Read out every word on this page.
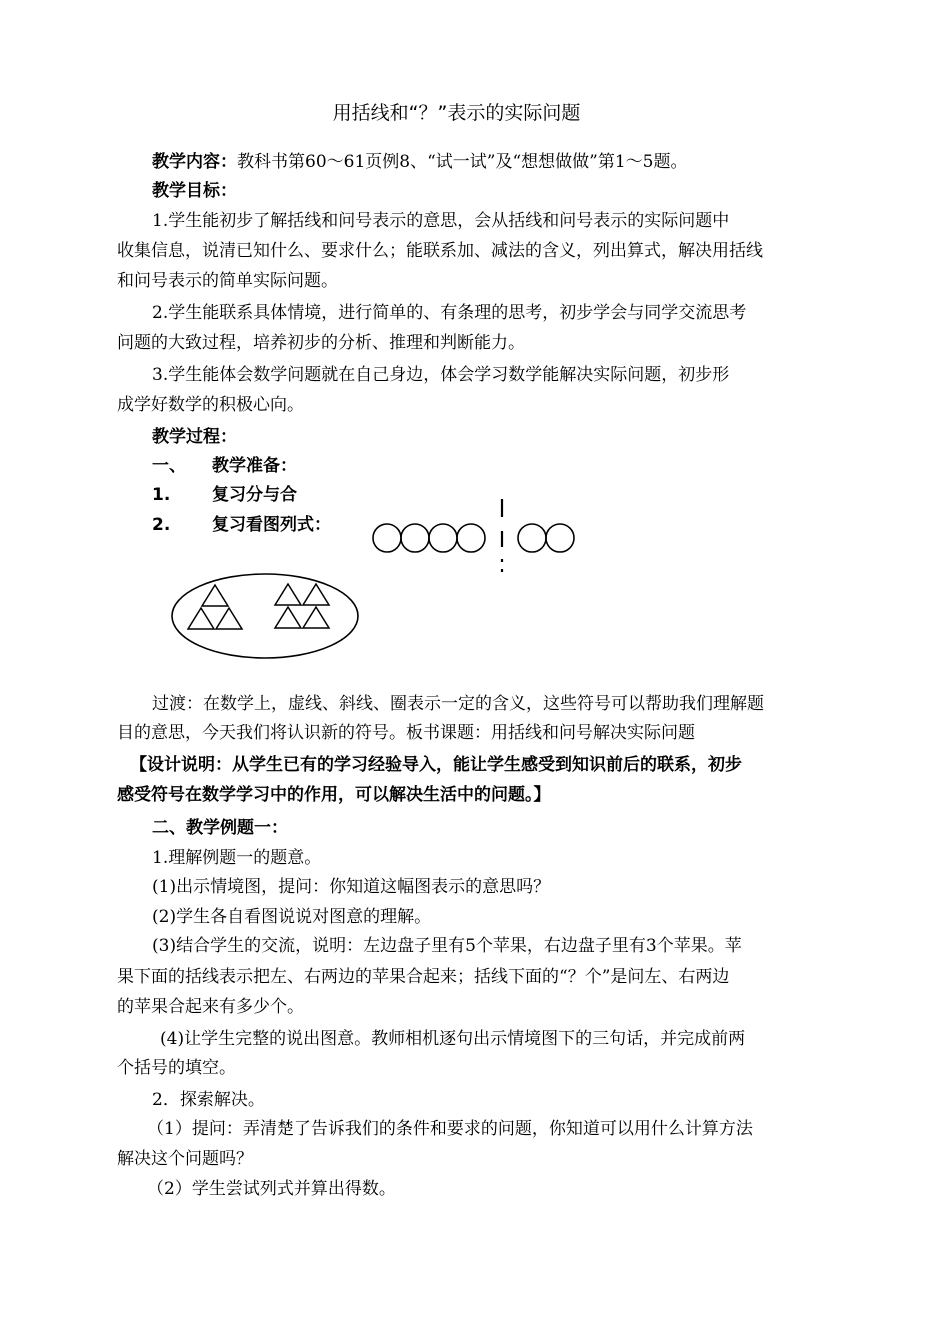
用括线和“？”表示的实际问题
教学内容：教科书第60～61页例8、“试一试”及“想想做做”第1～5题。
教学目标：
1.学生能初步了解括线和问号表示的意思，会从括线和问号表示的实际问题中
收集信息，说清已知什么、要求什么；能联系加、减法的含义，列出算式，解决用括线
和问号表示的简单实际问题。
2.学生能联系具体情境，进行简单的、有条理的思考，初步学会与同学交流思考
问题的大致过程，培养初步的分析、推理和判断能力。
3.学生能体会数学问题就在自己身边，体会学习数学能解决实际问题，初步形
成学好数学的积极心向。
教学过程：
一、 教学准备：
1. 复习分与合
2. 复习看图列式：
过渡：在数学上，虚线、斜线、圈表示一定的含义，这些符号可以帮助我们理解题
目的意思，今天我们将认识新的符号。板书课题：用括线和问号解决实际问题
【设计说明：从学生已有的学习经验导入，能让学生感受到知识前后的联系，初步
感受符号在数学学习中的作用，可以解决生活中的问题。】
二、教学例题一：
1.理解例题一的题意。
(1)出示情境图，提问：你知道这幅图表示的意思吗？
(2)学生各自看图说说对图意的理解。
(3)结合学生的交流，说明：左边盘子里有5个苹果，右边盘子里有3个苹果。苹
果下面的括线表示把左、右两边的苹果合起来；括线下面的“？个”是问左、右两边
的苹果合起来有多少个。
(4)让学生完整的说出图意。教师相机逐句出示情境图下的三句话，并完成前两
个括号的填空。
2．探索解决。
（1）提问：弄清楚了告诉我们的条件和要求的问题，你知道可以用什么计算方法
解决这个问题吗？
（2）学生尝试列式并算出得数。
